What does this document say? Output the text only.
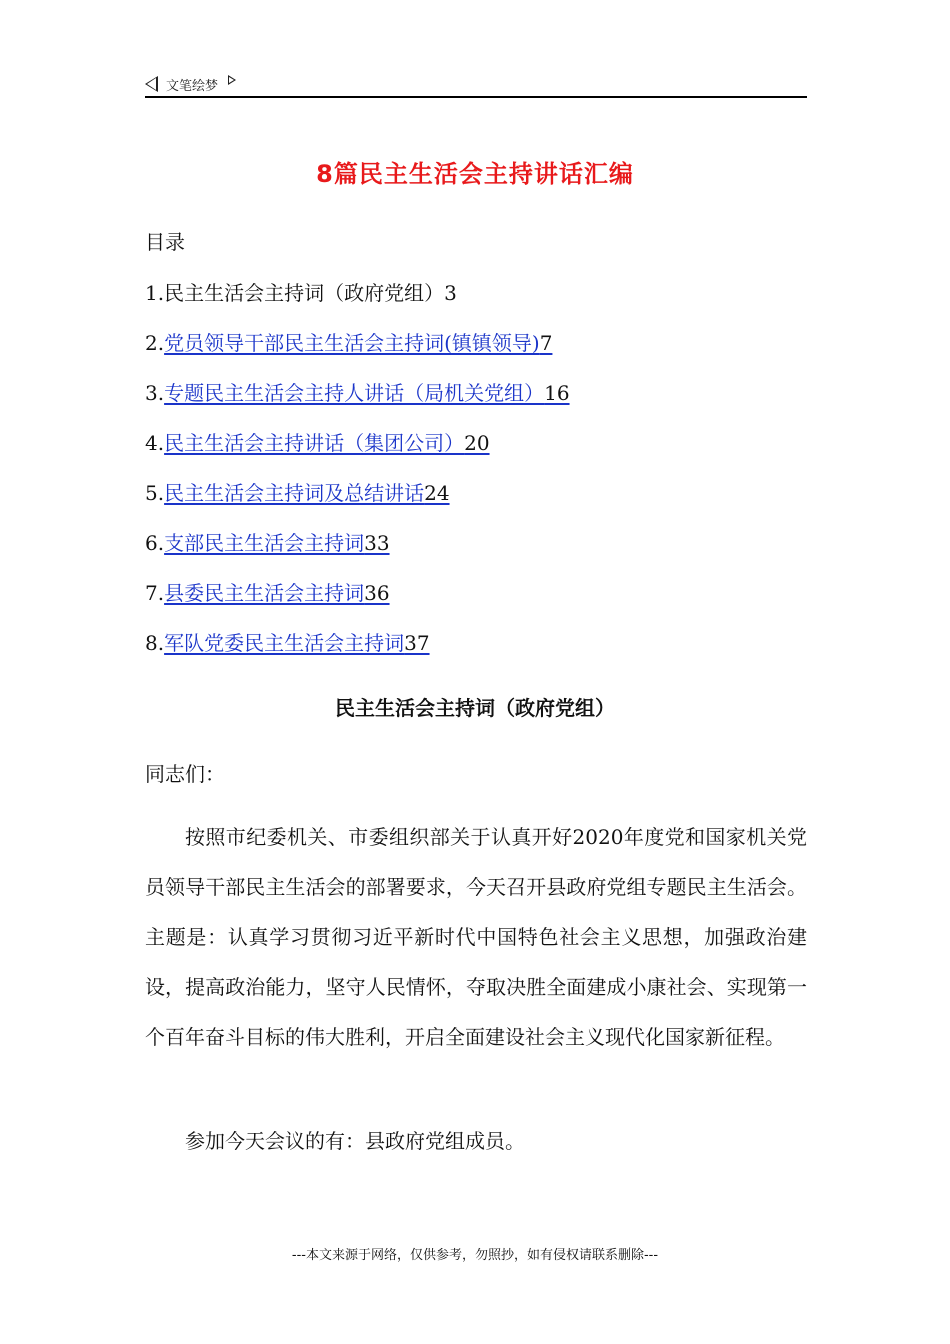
文笔绘梦
8篇民主生活会主持讲话汇编
目录
1.民主生活会主持词（政府党组）3
2.党员领导干部民主生活会主持词(镇镇领导)7
3.专题民主生活会主持人讲话（局机关党组）16
4.民主生活会主持讲话（集团公司）20
5.民主生活会主持词及总结讲话24
6.支部民主生活会主持词33
7.县委民主生活会主持词36
8.军队党委民主生活会主持词37
民主生活会主持词（政府党组）
同志们：

按照市纪委机关、市委组织部关于认真开好2020年度党和国家机关党员领导干部民主生活会的部署要求，今天召开县政府党组专题民主生活会。主题是：认真学习贯彻习近平新时代中国特色社会主义思想，加强政治建设，提高政治能力，坚守人民情怀，夺取决胜全面建成小康社会、实现第一个百年奋斗目标的伟大胜利，开启全面建设社会主义现代化国家新征程。

参加今天会议的有：县政府党组成员。

---本文来源于网络，仅供参考，勿照抄，如有侵权请联系删除---
